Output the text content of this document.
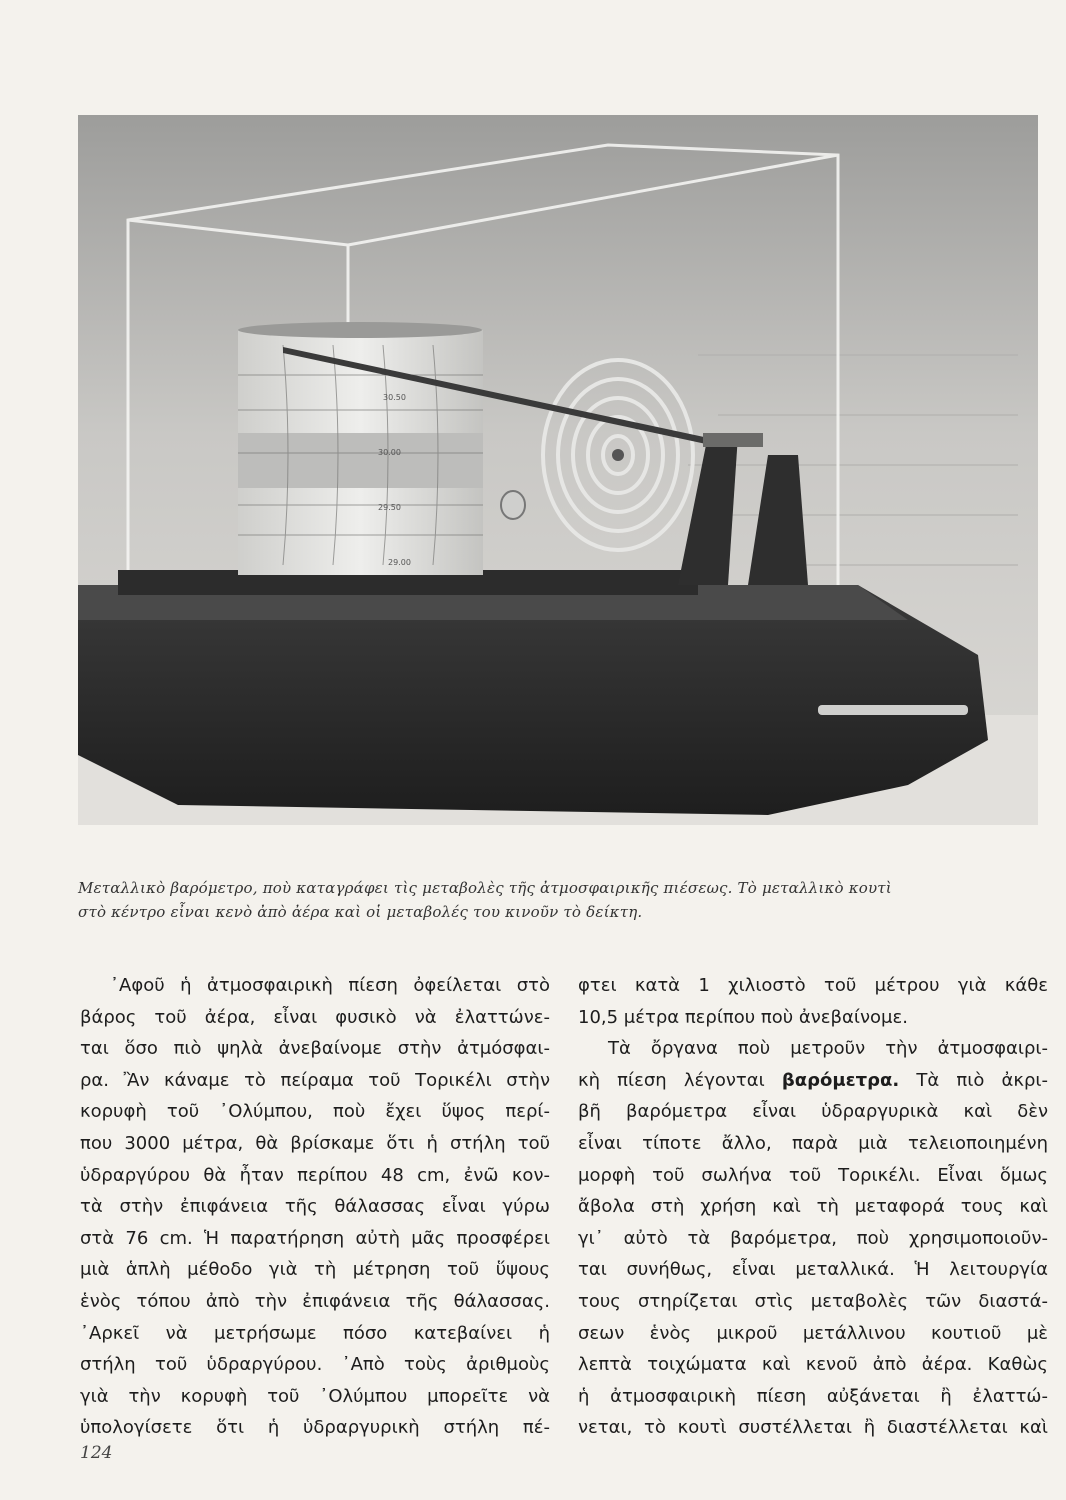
30.50
30.00
29.50
29.00

Μεταλλικὸ βαρόμετρο, ποὺ καταγράφει τὶς μεταβολὲς τῆς ἀτμοσφαιρικῆς πιέσεως. Τὸ μεταλλικὸ κουτὶ

στὸ κέντρο εἶναι κενὸ ἀπὸ ἀέρα καὶ οἱ μεταβολές του κινοῦν τὸ δείκτη.

᾿Αφοῦ ἡ ἀτμοσφαιρικὴ πίεση ὀφείλεται στὸ

βάρος τοῦ ἀέρα, εἶναι φυσικὸ νὰ ἐλαττώνε-

ται ὅσο πιὸ ψηλὰ ἀνεβαίνομε στὴν ἀτμόσφαι-

ρα. Ἂν κάναμε τὸ πείραμα τοῦ Τορικέλι στὴν

κορυφὴ τοῦ ᾿Ολύμπου, ποὺ ἔχει ὕψος περί-

που 3000 μέτρα, θὰ βρίσκαμε ὅτι ἡ στήλη τοῦ

ὑδραργύρου θὰ ἦταν περίπου 48 cm, ἐνῶ κον-

τὰ στὴν ἐπιφάνεια τῆς θάλασσας εἶναι γύρω

στὰ 76 cm. Ἡ παρατήρηση αὐτὴ μᾶς προσφέρει

μιὰ ἁπλὴ μέθοδο γιὰ τὴ μέτρηση τοῦ ὕψους

ἑνὸς τόπου ἀπὸ τὴν ἐπιφάνεια τῆς θάλασσας.

᾿Αρκεῖ νὰ μετρήσωμε πόσο κατεβαίνει ἡ

στήλη τοῦ ὑδραργύρου. ᾿Απὸ τοὺς ἀριθμοὺς

γιὰ τὴν κορυφὴ τοῦ ᾿Ολύμπου μπορεῖτε νὰ

ὑπολογίσετε ὅτι ἡ ὑδραργυρικὴ στήλη πέ-

φτει κατὰ 1 χιλιοστὸ τοῦ μέτρου γιὰ κάθε

10,5 μέτρα περίπου ποὺ ἀνεβαίνομε.

Τὰ ὄργανα ποὺ μετροῦν τὴν ἀτμοσφαιρι-

κὴ πίεση λέγονται βαρόμετρα. Τὰ πιὸ ἀκρι-

βῆ βαρόμετρα εἶναι ὑδραργυρικὰ καὶ δὲν

εἶναι τίποτε ἄλλο, παρὰ μιὰ τελειοποιημένη

μορφὴ τοῦ σωλήνα τοῦ Τορικέλι. Εἶναι ὅμως

ἄβολα στὴ χρήση καὶ τὴ μεταφορά τους καὶ

γι᾿ αὐτὸ τὰ βαρόμετρα, ποὺ χρησιμοποιοῦν-

ται συνήθως, εἶναι μεταλλικά. Ἡ λειτουργία

τους στηρίζεται στὶς μεταβολὲς τῶν διαστά-

σεων ἑνὸς μικροῦ μετάλλινου κουτιοῦ μὲ

λεπτὰ τοιχώματα καὶ κενοῦ ἀπὸ ἀέρα. Καθὼς

ἡ ἀτμοσφαιρικὴ πίεση αὐξάνεται ἢ ἐλαττώ-

νεται, τὸ κουτὶ συστέλλεται ἢ διαστέλλεται καὶ

124
